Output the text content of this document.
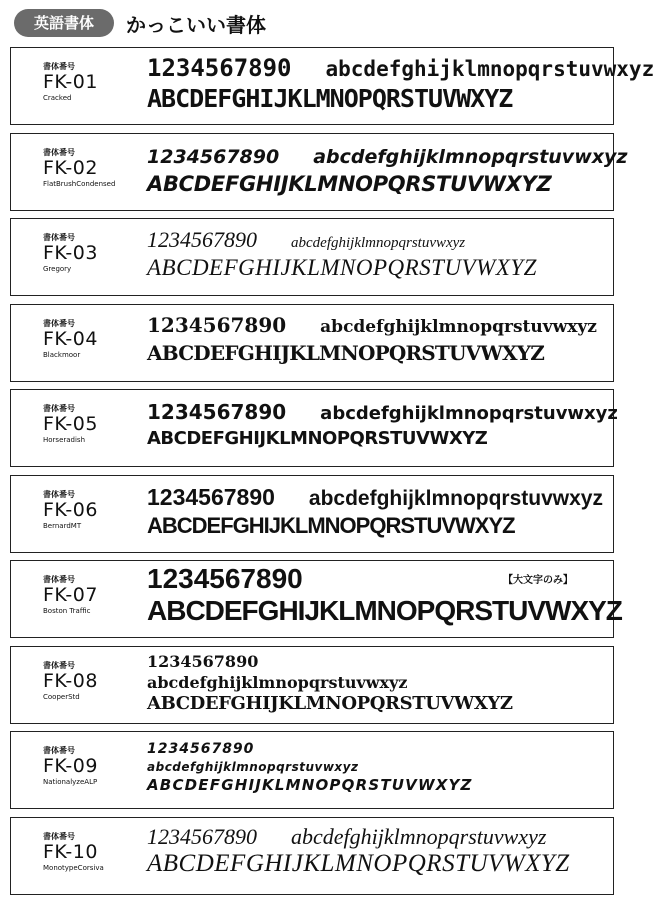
英語書体	かっこいい書体
書体番号
FK-01
Cracked
1234567890 abcdefghijklmnopqrstuvwxyz
ABCDEFGHIJKLMNOPQRSTUVWXYZ
書体番号
FK-02
FlatBrushCondensed
1234567890 abcdefghijklmnopqrstuvwxyz
ABCDEFGHIJKLMNOPQRSTUVWXYZ
書体番号
FK-03
Gregory
1234567890 abcdefghijklmnopqrstuvwxyz
ABCDEFGHIJKLMNOPQRSTUVWXYZ
書体番号
FK-04
Blackmoor
1234567890 abcdefghijklmnopqrstuvwxyz
ABCDEFGHIJKLMNOPQRSTUVWXYZ
書体番号
FK-05
Horseradish
1234567890 abcdefghijklmnopqrstuvwxyz
ABCDEFGHIJKLMNOPQRSTUVWXYZ
書体番号
FK-06
BernardMT
1234567890 abcdefghijklmnopqrstuvwxyz
ABCDEFGHIJKLMNOPQRSTUVWXYZ
書体番号
FK-07
Boston Traffic
1234567890
ABCDEFGHIJKLMNOPQRSTUVWXYZ
【大文字のみ】
書体番号
FK-08
CooperStd
1234567890
abcdefghijklmnopqrstuvwxyz
ABCDEFGHIJKLMNOPQRSTUVWXYZ
書体番号
FK-09
NationalyzeALP
1234567890
abcdefghijklmnopqrstuvwxyz
ABCDEFGHIJKLMNOPQRSTUVWXYZ
書体番号
FK-10
MonotypeCorsiva
1234567890 abcdefghijklmnopqrstuvwxyz
ABCDEFGHIJKLMNOPQRSTUVWXYZ
